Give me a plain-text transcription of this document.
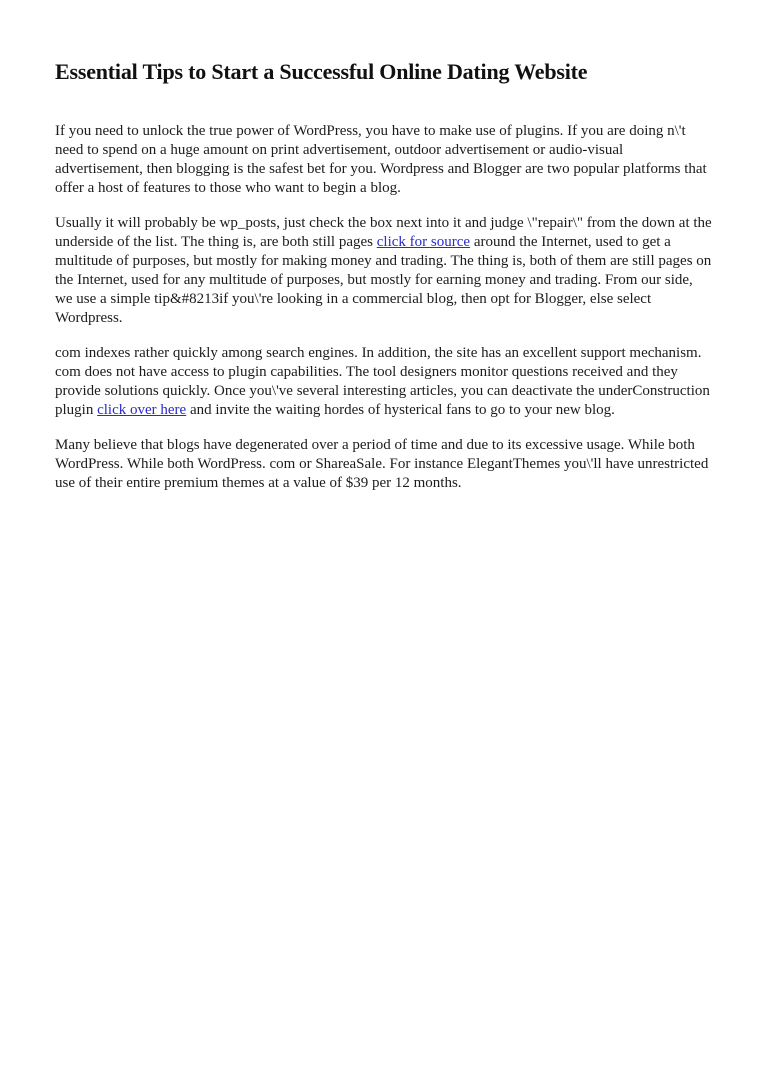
Essential Tips to Start a Successful Online Dating Website

If you need to unlock the true power of WordPress, you have to make use of plugins. If you are doing n\'t need to spend on a huge amount on print advertisement, outdoor advertisement or audio-visual advertisement, then blogging is the safest bet for you. Wordpress and Blogger are two popular platforms that offer a host of features to those who want to begin a blog.

Usually it will probably be wp_posts, just check the box next into it and judge \"repair\" from the down at the underside of the list. The thing is, are both still pages click for source around the Internet, used to get a multitude of purposes, but mostly for making money and trading. The thing is, both of them are still pages on the Internet, used for any multitude of purposes, but mostly for earning money and trading. From our side, we use a simple tip&#8213if you\'re looking in a commercial blog, then opt for Blogger, else select Wordpress.

com indexes rather quickly among search engines. In addition, the site has an excellent support mechanism. com does not have access to plugin capabilities. The tool designers monitor questions received and they provide solutions quickly. Once you\'ve several interesting articles, you can deactivate the underConstruction plugin click over here and invite the waiting hordes of hysterical fans to go to your new blog.

Many believe that blogs have degenerated over a period of time and due to its excessive usage. While both WordPress. While both WordPress. com or ShareaSale. For instance ElegantThemes you\'ll have unrestricted use of their entire premium themes at a value of $39 per 12 months.
